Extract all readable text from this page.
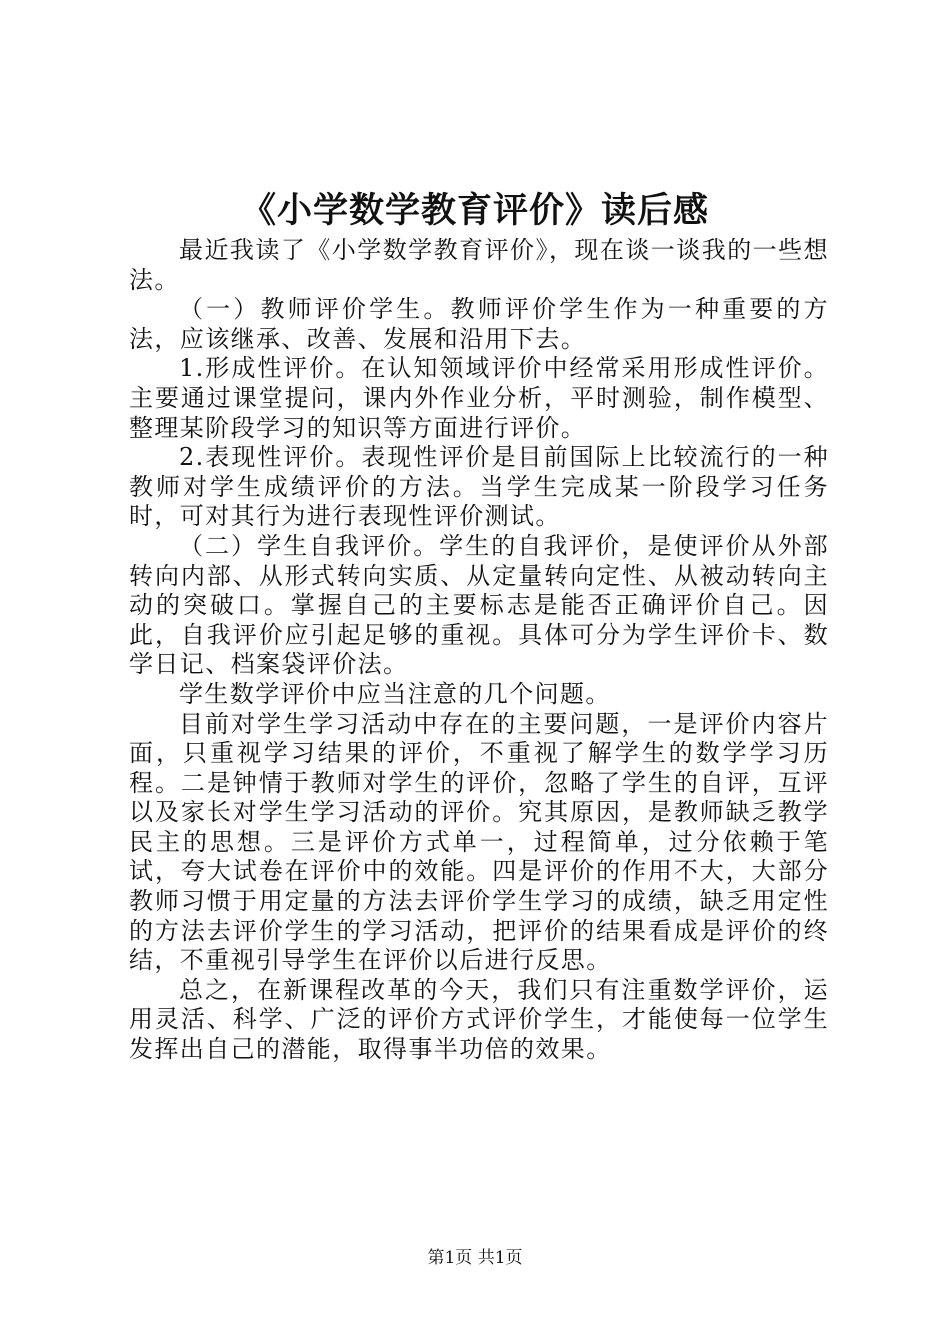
《小学数学教育评价》读后感

最近我读了《小学数学教育评价》，现在谈一谈我的一些想法。

（一）教师评价学生。教师评价学生作为一种重要的方法，应该继承、改善、发展和沿用下去。

1.形成性评价。在认知领域评价中经常采用形成性评价。主要通过课堂提问，课内外作业分析，平时测验，制作模型、整理某阶段学习的知识等方面进行评价。

2.表现性评价。表现性评价是目前国际上比较流行的一种教师对学生成绩评价的方法。当学生完成某一阶段学习任务时，可对其行为进行表现性评价测试。

（二）学生自我评价。学生的自我评价，是使评价从外部转向内部、从形式转向实质、从定量转向定性、从被动转向主动的突破口。掌握自己的主要标志是能否正确评价自己。因此，自我评价应引起足够的重视。具体可分为学生评价卡、数学日记、档案袋评价法。

学生数学评价中应当注意的几个问题。

目前对学生学习活动中存在的主要问题，一是评价内容片面，只重视学习结果的评价，不重视了解学生的数学学习历程。二是钟情于教师对学生的评价，忽略了学生的自评，互评以及家长对学生学习活动的评价。究其原因，是教师缺乏教学民主的思想。三是评价方式单一，过程简单，过分依赖于笔试，夸大试卷在评价中的效能。四是评价的作用不大，大部分教师习惯于用定量的方法去评价学生学习的成绩，缺乏用定性的方法去评价学生的学习活动，把评价的结果看成是评价的终结，不重视引导学生在评价以后进行反思。

总之，在新课程改革的今天，我们只有注重数学评价，运用灵活、科学、广泛的评价方式评价学生，才能使每一位学生发挥出自己的潜能，取得事半功倍的效果。

第1页 共1页
